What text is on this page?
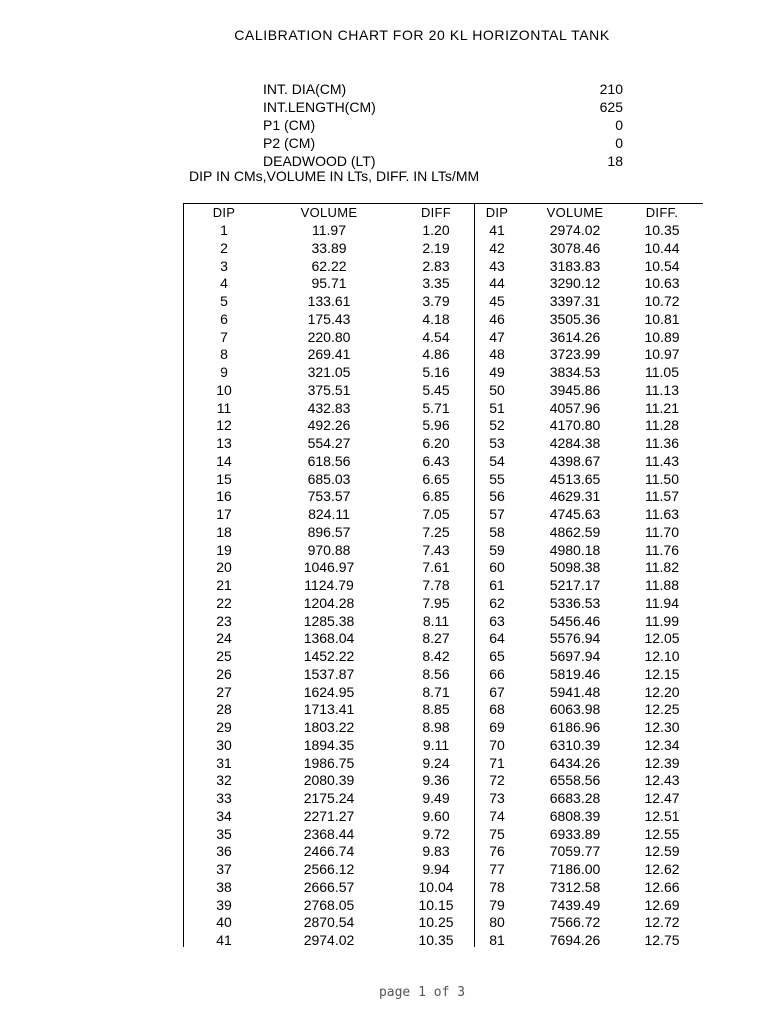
CALIBRATION CHART FOR 20 KL HORIZONTAL TANK
INT. DIA(CM)	210
INT.LENGTH(CM)	625
P1 (CM)	0
P2 (CM)	0
DEADWOOD (LT)	18
DIP IN CMs,VOLUME IN LTs, DIFF. IN LTs/MM
DIP	VOLUME	DIFF	DIP	VOLUME	DIFF.
1	11.97	1.20	41	2974.02	10.35
2	33.89	2.19	42	3078.46	10.44
3	62.22	2.83	43	3183.83	10.54
4	95.71	3.35	44	3290.12	10.63
5	133.61	3.79	45	3397.31	10.72
6	175.43	4.18	46	3505.36	10.81
7	220.80	4.54	47	3614.26	10.89
8	269.41	4.86	48	3723.99	10.97
9	321.05	5.16	49	3834.53	11.05
10	375.51	5.45	50	3945.86	11.13
11	432.83	5.71	51	4057.96	11.21
12	492.26	5.96	52	4170.80	11.28
13	554.27	6.20	53	4284.38	11.36
14	618.56	6.43	54	4398.67	11.43
15	685.03	6.65	55	4513.65	11.50
16	753.57	6.85	56	4629.31	11.57
17	824.11	7.05	57	4745.63	11.63
18	896.57	7.25	58	4862.59	11.70
19	970.88	7.43	59	4980.18	11.76
20	1046.97	7.61	60	5098.38	11.82
21	1124.79	7.78	61	5217.17	11.88
22	1204.28	7.95	62	5336.53	11.94
23	1285.38	8.11	63	5456.46	11.99
24	1368.04	8.27	64	5576.94	12.05
25	1452.22	8.42	65	5697.94	12.10
26	1537.87	8.56	66	5819.46	12.15
27	1624.95	8.71	67	5941.48	12.20
28	1713.41	8.85	68	6063.98	12.25
29	1803.22	8.98	69	6186.96	12.30
30	1894.35	9.11	70	6310.39	12.34
31	1986.75	9.24	71	6434.26	12.39
32	2080.39	9.36	72	6558.56	12.43
33	2175.24	9.49	73	6683.28	12.47
34	2271.27	9.60	74	6808.39	12.51
35	2368.44	9.72	75	6933.89	12.55
36	2466.74	9.83	76	7059.77	12.59
37	2566.12	9.94	77	7186.00	12.62
38	2666.57	10.04	78	7312.58	12.66
39	2768.05	10.15	79	7439.49	12.69
40	2870.54	10.25	80	7566.72	12.72
41	2974.02	10.35	81	7694.26	12.75
page 1 of 3
